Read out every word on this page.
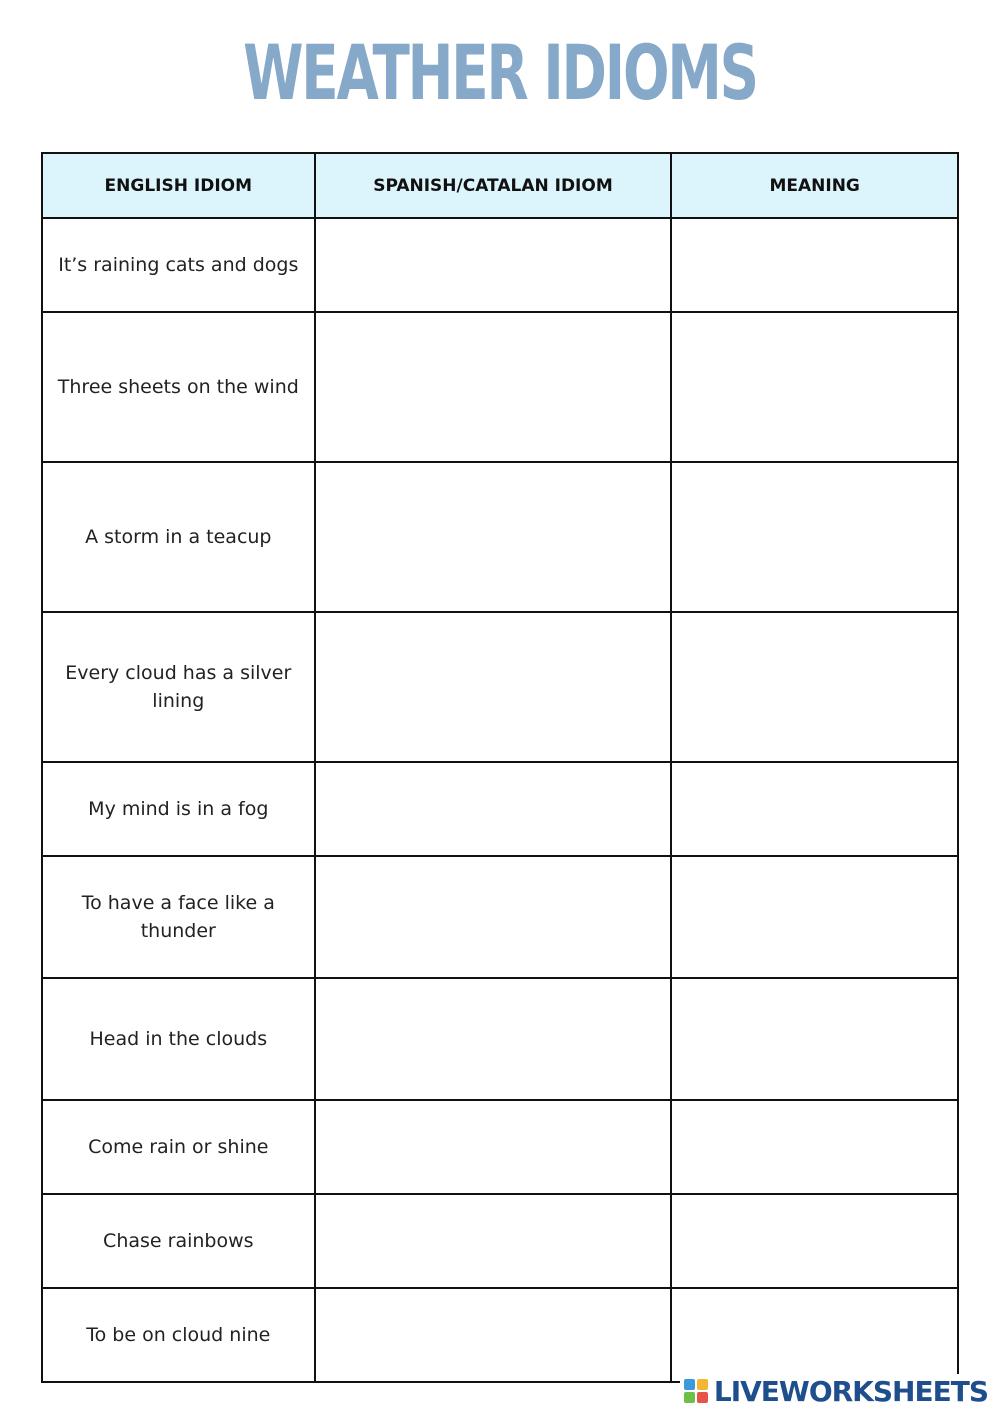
WEATHER IDIOMS
ENGLISH IDIOM	SPANISH/CATALAN IDIOM	MEANING
It’s raining cats and dogs		
Three sheets on the wind		
A storm in a teacup		
Every cloud has a silver lining		
My mind is in a fog		
To have a face like a thunder		
Head in the clouds		
Come rain or shine		
Chase rainbows		
To be on cloud nine		
LIVEWORKSHEETS
